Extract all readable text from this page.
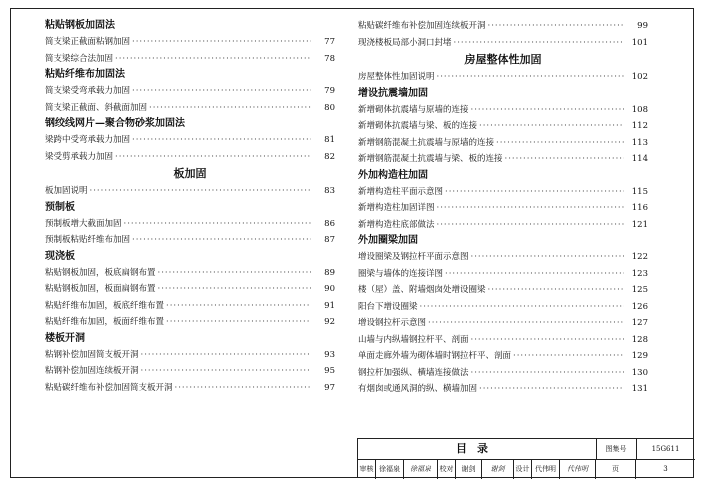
粘贴钢板加固法
简支梁正截面粘钢加固 ·····	77
简支梁综合法加固 ·····	78
粘贴纤维布加固法
简支梁受弯承载力加固 ·····	79
简支梁正截面、斜截面加固 ·····	80
钢绞线网片—聚合物砂浆加固法
梁跨中受弯承载力加固 ·····	81
梁受剪承载力加固 ·····	82
板加固
板加固说明 ·····	83
预制板
预制板增大截面加固 ·····	86
预制板粘贴纤维布加固 ·····	87
现浇板
粘贴钢板加固，板底扁钢布置 ·····	89
粘贴钢板加固，板面扁钢布置 ·····	90
粘贴纤维布加固，板底纤维布置 ·····	91
粘贴纤维布加固，板面纤维布置 ·····	92
楼板开洞
粘钢补偿加固简支板开洞 ·····	93
粘钢补偿加固连续板开洞 ·····	95
粘贴碳纤维布补偿加固简支板开洞 ·····	97
粘贴碳纤维布补偿加固连续板开洞 ·····	99
现浇楼板局部小洞口封堵 ·····	101
房屋整体性加固
房屋整体性加固说明 ·····	102
增设抗震墙加固
新增砌体抗震墙与原墙的连接 ·····	108
新增砌体抗震墙与梁、板的连接 ·····	112
新增钢筋混凝土抗震墙与原墙的连接 ·····	113
新增钢筋混凝土抗震墙与梁、板的连接 ·····	114
外加构造柱加固
新增构造柱平面示意图 ·····	115
新增构造柱加固详图 ·····	116
新增构造柱底部做法 ·····	121
外加圈梁加固
增设圈梁及钢拉杆平面示意图 ·····	122
圈梁与墙体的连接详图 ·····	123
楼（屋）盖、附墙烟囱处增设圈梁 ·····	125
阳台下增设圈梁 ·····	126
增设钢拉杆示意图 ·····	127
山墙与内纵墙钢拉杆平、剖面 ·····	128
单面走廊外墙为砌体墙时钢拉杆平、剖面 ·····	129
钢拉杆加强纵、横墙连接做法 ·····	130
有烟囱或通风洞的纵、横墙加固 ·····	131
目录	图集号	15G611
审核 徐福泉	徐福泉	校对	谢剑	谢剑	设计 代伟明	代伟明	页	3
